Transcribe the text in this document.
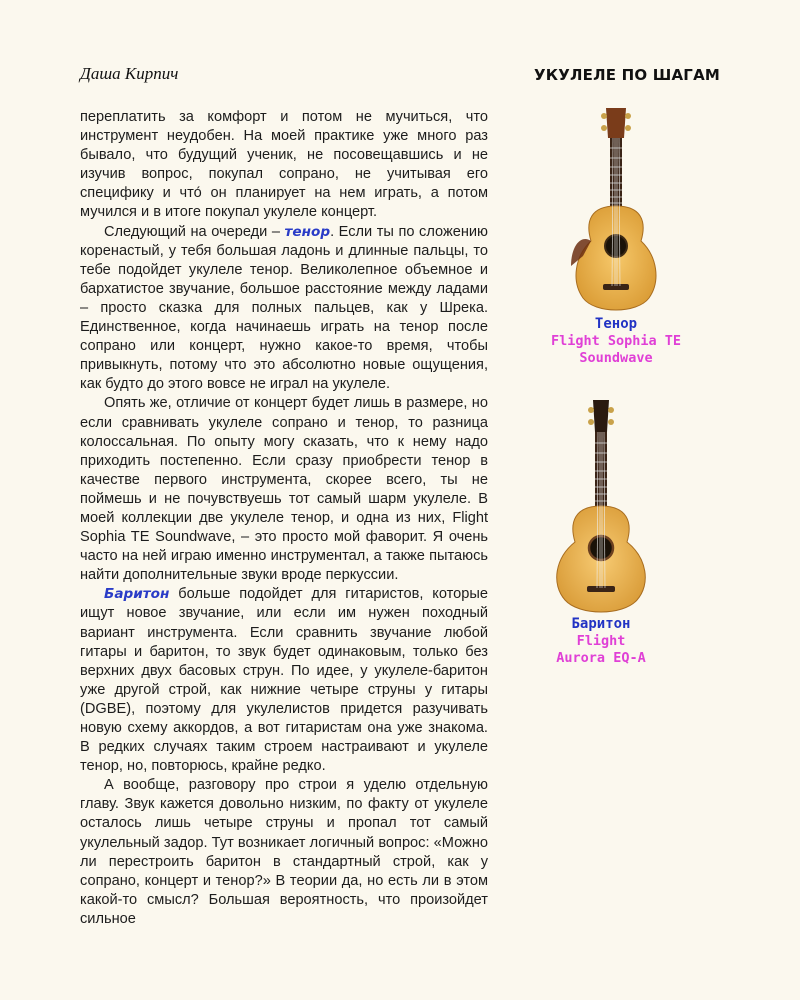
Даша Кирпич	УКУЛЕЛЕ ПО ШАГАМ

переплатить за комфорт и потом не мучиться, что инструмент неудобен. На моей практике уже много раз бывало, что будущий ученик, не посовещавшись и не изучив вопрос, покупал сопрано, не учитывая его специфику и что́ он планирует на нем играть, а потом мучился и в итоге покупал укулеле концерт.

Следующий на очереди – тенор. Если ты по сложению коренастый, у тебя большая ладонь и длинные пальцы, то тебе подойдет укулеле тенор. Великолепное объемное и бархатистое звучание, большое расстояние между ладами – просто сказка для полных пальцев, как у Шрека. Единственное, когда начинаешь играть на тенор после сопрано или концерт, нужно какое-то время, чтобы привыкнуть, потому что это абсолютно новые ощущения, как будто до этого вовсе не играл на укулеле.

Опять же, отличие от концерт будет лишь в размере, но если сравнивать укулеле сопрано и тенор, то разница колоссальная. По опыту могу сказать, что к нему надо приходить постепенно. Если сразу приобрести тенор в качестве первого инструмента, скорее всего, ты не поймешь и не почувствуешь тот самый шарм укулеле. В моей коллекции две укулеле тенор, и одна из них, Flight Sophia TE Soundwave, – это просто мой фаворит. Я очень часто на ней играю именно инструментал, а также пытаюсь найти дополнительные звуки вроде перкуссии.

Баритон больше подойдет для гитаристов, которые ищут новое звучание, или если им нужен походный вариант инструмента. Если сравнить звучание любой гитары и баритон, то звук будет одинаковым, только без верхних двух басовых струн. По идее, у укулеле-баритон уже другой строй, как нижние четыре струны у гитары (DGBE), поэтому для укулелистов придется разучивать новую схему аккордов, а вот гитаристам она уже знакома. В редких случаях таким строем настраивают и укулеле тенор, но, повторюсь, крайне редко.

А вообще, разговору про строи я уделю отдельную главу. Звук кажется довольно низким, по факту от укулеле осталось лишь четыре струны и пропал тот самый укулельный задор. Тут возникает логичный вопрос: «Можно ли перестроить баритон в стандартный строй, как у сопрано, концерт и тенор?» В теории да, но есть ли в этом какой-то смысл? Большая вероятность, что произойдет сильное

Тенор
Flight Sophia TE
Soundwave
Баритон
Flight
Aurora EQ-A
